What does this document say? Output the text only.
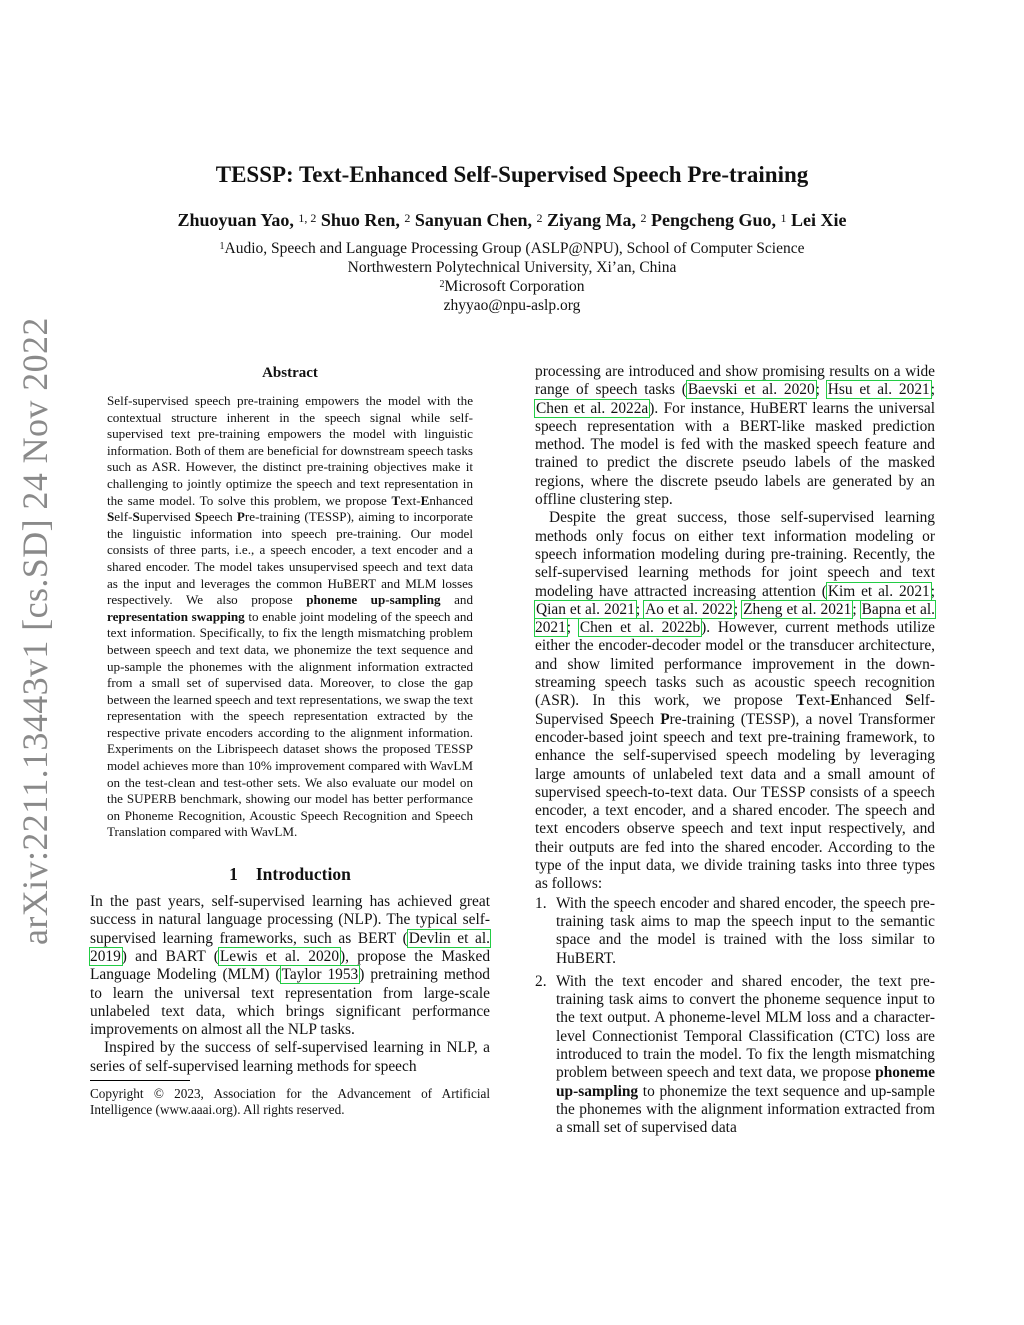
arXiv:2211.13443v1 [cs.SD] 24 Nov 2022
TESSP: Text-Enhanced Self-Supervised Speech Pre-training
Zhuoyuan Yao, $^{1, 2}$ Shuo Ren, $^2$ Sanyuan Chen, $^2$ Ziyang Ma, $^2$ Pengcheng Guo, $^1$ Lei Xie
$^1$Audio, Speech and Language Processing Group (ASLP@NPU), School of Computer Science
Northwestern Polytechnical University, Xi’an, China
$^2$Microsoft Corporation
zhyyao@npu-aslp.org
Abstract
Self-supervised speech pre-training empowers the model with the contextual structure inherent in the speech signal while self-supervised text pre-training empowers the model with linguistic information. Both of them are beneficial for downstream speech tasks such as ASR. However, the distinct pre-training objectives make it challenging to jointly optimize the speech and text representation in the same model. To solve this problem, we propose Text-Enhanced Self-Supervised Speech Pre-training (TESSP), aiming to incorporate the linguistic information into speech pre-training. Our model consists of three parts, i.e., a speech encoder, a text encoder and a shared encoder. The model takes unsupervised speech and text data as the input and leverages the common HuBERT and MLM losses respectively. We also propose phoneme up-sampling and representation swapping to enable joint modeling of the speech and text information. Specifically, to fix the length mismatching problem between speech and text data, we phonemize the text sequence and up-sample the phonemes with the alignment information extracted from a small set of supervised data. Moreover, to close the gap between the learned speech and text representations, we swap the text representation with the speech representation extracted by the respective private encoders according to the alignment information. Experiments on the Librispeech dataset shows the proposed TESSP model achieves more than 10% improvement compared with WavLM on the test-clean and test-other sets. We also evaluate our model on the SUPERB benchmark, showing our model has better performance on Phoneme Recognition, Acoustic Speech Recognition and Speech Translation compared with WavLM.
1 Introduction

In the past years, self-supervised learning has achieved great success in natural language processing (NLP). The typical self-supervised learning frameworks, such as BERT (Devlin et al. 2019) and BART (Lewis et al. 2020), propose the Masked Language Modeling (MLM) (Taylor 1953) pretraining method to learn the universal text representation from large-scale unlabeled text data, which brings significant performance improvements on almost all the NLP tasks.

Inspired by the success of self-supervised learning in NLP, a series of self-supervised learning methods for speech

Copyright © 2023, Association for the Advancement of Artificial Intelligence (www.aaai.org). All rights reserved.

processing are introduced and show promising results on a wide range of speech tasks (Baevski et al. 2020; Hsu et al. 2021; Chen et al. 2022a). For instance, HuBERT learns the universal speech representation with a BERT-like masked prediction method. The model is fed with the masked speech feature and trained to predict the discrete pseudo labels of the masked regions, where the discrete pseudo labels are generated by an offline clustering step.

Despite the great success, those self-supervised learning methods only focus on either text information modeling or speech information modeling during pre-training. Recently, the self-supervised learning methods for joint speech and text modeling have attracted increasing attention (Kim et al. 2021; Qian et al. 2021; Ao et al. 2022; Zheng et al. 2021; Bapna et al. 2021; Chen et al. 2022b). However, current methods utilize either the encoder-decoder model or the transducer architecture, and show limited performance improvement in the down-streaming speech tasks such as acoustic speech recognition (ASR). In this work, we propose Text-Enhanced Self-Supervised Speech Pre-training (TESSP), a novel Transformer encoder-based joint speech and text pre-training framework, to enhance the self-supervised speech modeling by leveraging large amounts of unlabeled text data and a small amount of supervised speech-to-text data. Our TESSP consists of a speech encoder, a text encoder, and a shared encoder. The speech and text encoders observe speech and text input respectively, and their outputs are fed into the shared encoder. According to the type of the input data, we divide training tasks into three types as follows:

1. With the speech encoder and shared encoder, the speech pre-training task aims to map the speech input to the semantic space and the model is trained with the loss similar to HuBERT.
2. With the text encoder and shared encoder, the text pre-training task aims to convert the phoneme sequence input to the text output. A phoneme-level MLM loss and a character-level Connectionist Temporal Classification (CTC) loss are introduced to train the model. To fix the length mismatching problem between speech and text data, we propose phoneme up-sampling to phonemize the text sequence and up-sample the phonemes with the alignment information extracted from a small set of supervised data
